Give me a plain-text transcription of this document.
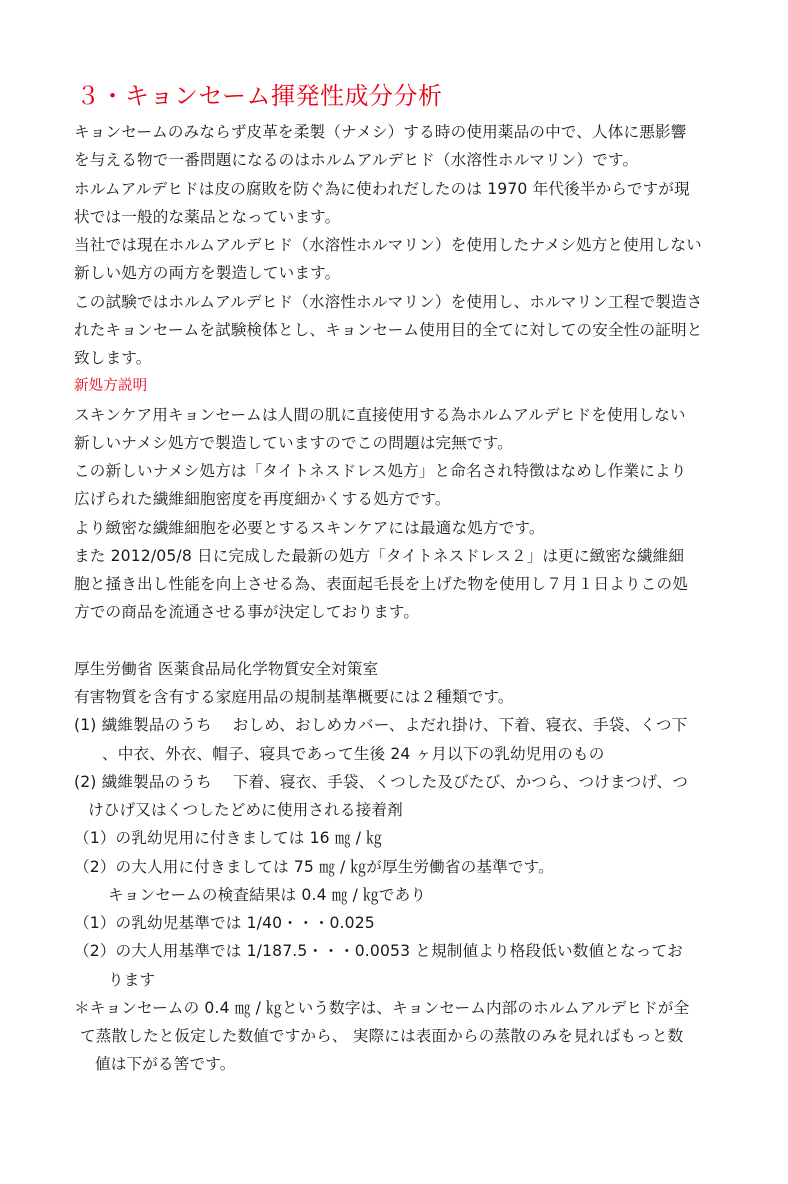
３・キョンセーム揮発性成分分析
キョンセームのみならず皮革を柔製（ナメシ）する時の使用薬品の中で、人体に悪影響
を与える物で一番問題になるのはホルムアルデヒド（水溶性ホルマリン）です。
ホルムアルデヒドは皮の腐敗を防ぐ為に使われだしたのは 1970 年代後半からですが現
状では一般的な薬品となっています。
当社では現在ホルムアルデヒド（水溶性ホルマリン）を使用したナメシ処方と使用しない
新しい処方の両方を製造しています。
この試験ではホルムアルデヒド（水溶性ホルマリン）を使用し、ホルマリン工程で製造さ
れたキョンセームを試験検体とし、キョンセーム使用目的全てに対しての安全性の証明と
致します。
新処方説明
スキンケア用キョンセームは人間の肌に直接使用する為ホルムアルデヒドを使用しない
新しいナメシ処方で製造していますのでこの問題は完無です。
この新しいナメシ処方は「タイトネスドレス処方」と命名され特徴はなめし作業により
広げられた繊維細胞密度を再度細かくする処方です。
より緻密な繊維細胞を必要とするスキンケアには最適な処方です。
また 2012/05/8 日に完成した最新の処方「タイトネスドレス２」は更に緻密な繊維細
胞と掻き出し性能を向上させる為、表面起毛長を上げた物を使用し７月１日よりこの処
方での商品を流通させる事が決定しております。
厚生労働省 医薬食品局化学物質安全対策室
有害物質を含有する家庭用品の規制基準概要には２種類です。
(1) 繊維製品のうち　 おしめ、おしめカバー、よだれ掛け、下着、寝衣、手袋、くつ下
、中衣、外衣、帽子、寝具であって生後 24 ヶ月以下の乳幼児用のもの
(2) 繊維製品のうち　 下着、寝衣、手袋、くつした及びたび、かつら、つけまつげ、つ
けひげ又はくつしたどめに使用される接着剤
（1）の乳幼児用に付きましては 16 ㎎ / ㎏
（2）の大人用に付きましては 75 ㎎ / ㎏が厚生労働省の基準です。
キョンセームの検査結果は 0.4 ㎎ / ㎏であり
（1）の乳幼児基準では 1/40・・・0.025
（2）の大人用基準では 1/187.5・・・0.0053 と規制値より格段低い数値となってお
ります
＊キョンセームの 0.4 ㎎ / ㎏という数字は、キョンセーム内部のホルムアルデヒドが全
て蒸散したと仮定した数値ですから、 実際には表面からの蒸散のみを見ればもっと数
値は下がる筈です。
